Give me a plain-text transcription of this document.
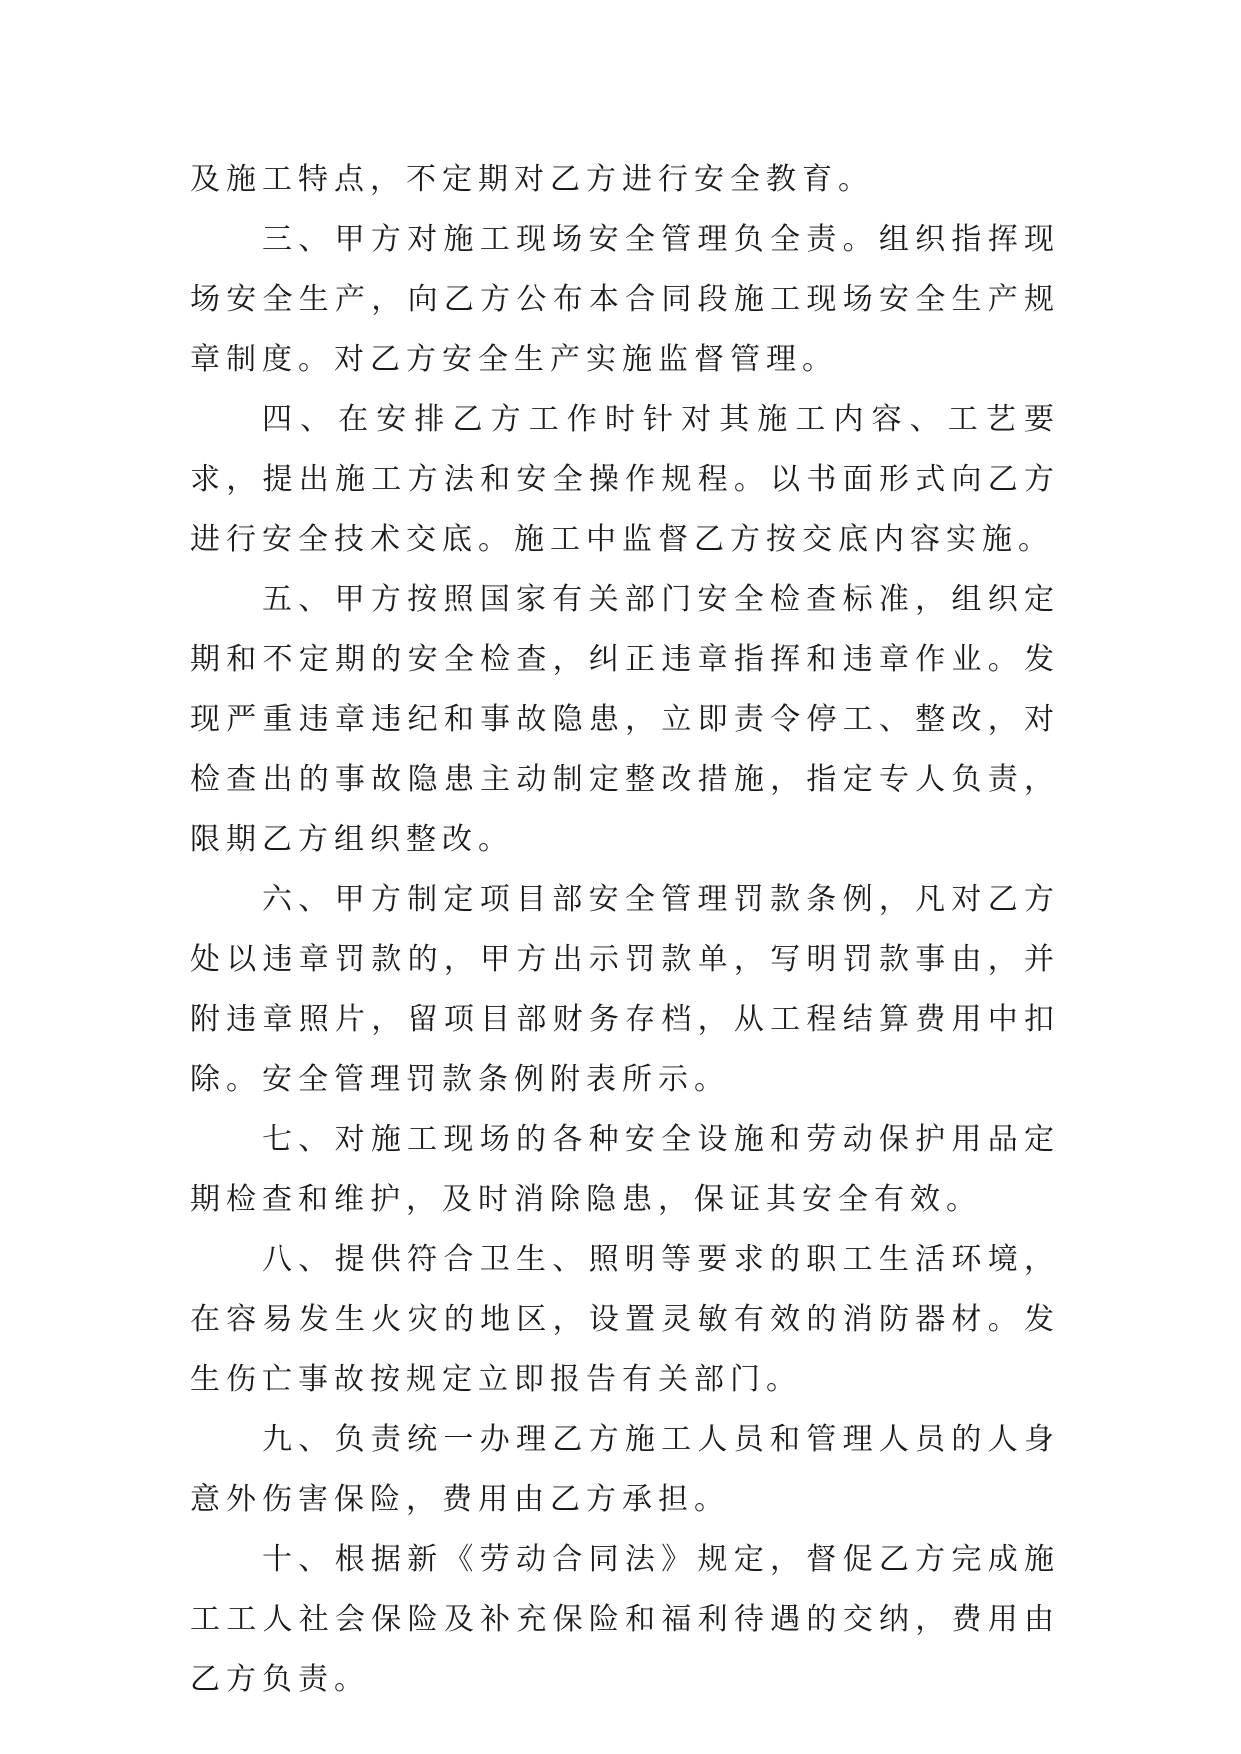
及施工特点，不定期对乙方进行安全教育。

三、甲方对施工现场安全管理负全责。组织指挥现场安全生产，向乙方公布本合同段施工现场安全生产规章制度。对乙方安全生产实施监督管理。

四、在安排乙方工作时针对其施工内容、工艺要求，提出施工方法和安全操作规程。以书面形式向乙方进行安全技术交底。施工中监督乙方按交底内容实施。

五、甲方按照国家有关部门安全检查标准，组织定期和不定期的安全检查，纠正违章指挥和违章作业。发现严重违章违纪和事故隐患，立即责令停工、整改，对检查出的事故隐患主动制定整改措施，指定专人负责，限期乙方组织整改。

六、甲方制定项目部安全管理罚款条例，凡对乙方处以违章罚款的，甲方出示罚款单，写明罚款事由，并附违章照片，留项目部财务存档，从工程结算费用中扣除。安全管理罚款条例附表所示。

七、对施工现场的各种安全设施和劳动保护用品定期检查和维护，及时消除隐患，保证其安全有效。

八、提供符合卫生、照明等要求的职工生活环境，在容易发生火灾的地区，设置灵敏有效的消防器材。发生伤亡事故按规定立即报告有关部门。

九、负责统一办理乙方施工人员和管理人员的人身意外伤害保险，费用由乙方承担。

十、根据新《劳动合同法》规定，督促乙方完成施工工人社会保险及补充保险和福利待遇的交纳，费用由乙方负责。
